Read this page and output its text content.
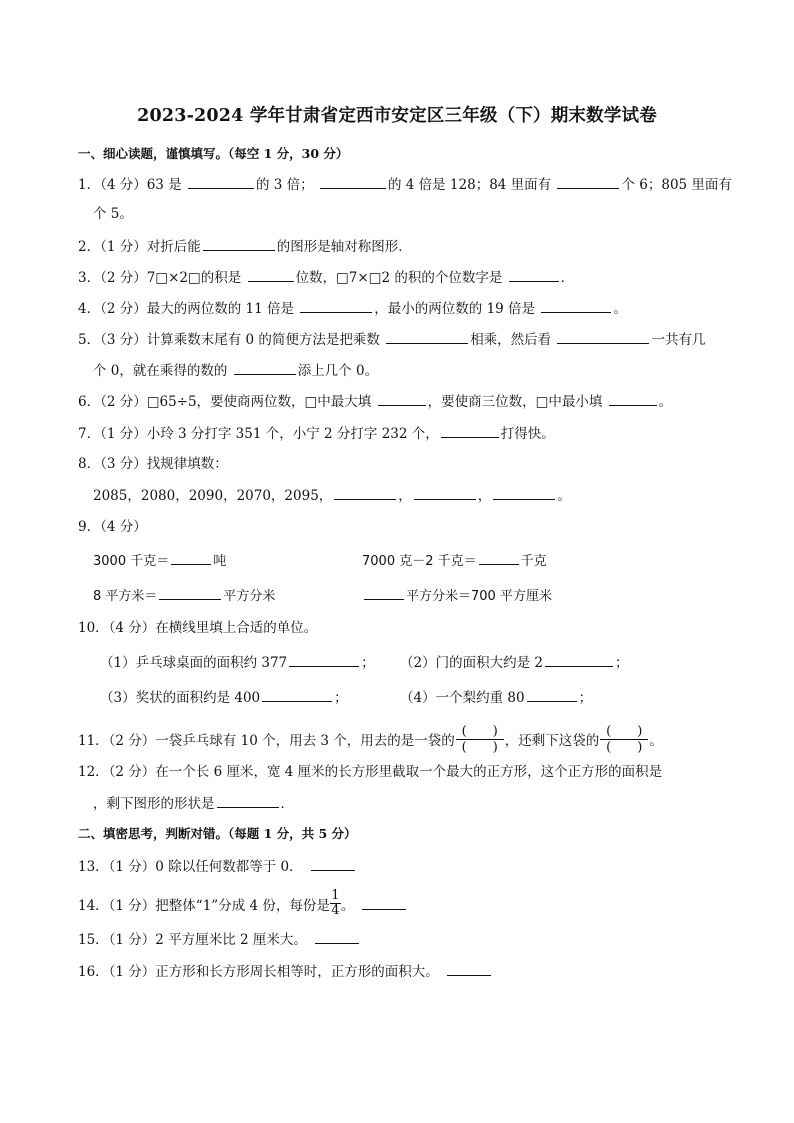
2023-2024 学年甘肃省定西市安定区三年级（下）期末数学试卷
一、细心读题，谨慎填写。（每空 1 分，30 分）
1．（4 分）63 是	的 3 倍；	的 4 倍是 128；84 里面有	个 6；805 里面有
个 5。
2．（1 分）对折后能	的图形是轴对称图形．
3．（2 分）7□×2□的积是	位数，□7×□2 的积的个位数字是	．
4．（2 分）最大的两位数的 11 倍是	，最小的两位数的 19 倍是	。
5．（3 分）计算乘数末尾有 0 的简便方法是把乘数	相乘，然后看	一共有几
个 0，就在乘得的数的	添上几个 0。
6．（2 分）□65÷5，要使商两位数，□中最大填	，要使商三位数，□中最小填	。
7．（1 分）小玲 3 分打字 351 个，小宁 2 分打字 232 个，	打得快。
8．（3 分）找规律填数：
2085，2080，2090，2070，2095，	，	，	。
9．（4 分）
3000 千克＝	吨	7000 克－2 千克＝	千克
8 平方米＝	平方分米	平方分米＝700 平方厘米
10．（4 分）在横线里填上合适的单位。
（1）乒乓球桌面的面积约 377	； （2）门的面积大约是 2	；
（3）奖状的面积约是 400	；	（4）一个梨约重 80	；
11．（2 分）一袋乒乓球有 10 个，用去 3 个，用去的是一袋的 $\frac{( )}{( )}$ ，还剩下这袋的 $\frac{( )}{( )}$ 。
12．（2 分）在一个长 6 厘米，宽 4 厘米的长方形里截取一个最大的正方形，这个正方形的面积是
，剩下图形的形状是	．
二、填密思考，判断对错。（每题 1 分，共 5 分）
13．（1 分）0 除以任何数都等于 0．
14．（1 分）把整体“1”分成 4 份，每份是 $\frac{1}{4}$ 。
15．（1 分）2 平方厘米比 2 厘米大。
16．（1 分）正方形和长方形周长相等时，正方形的面积大。
